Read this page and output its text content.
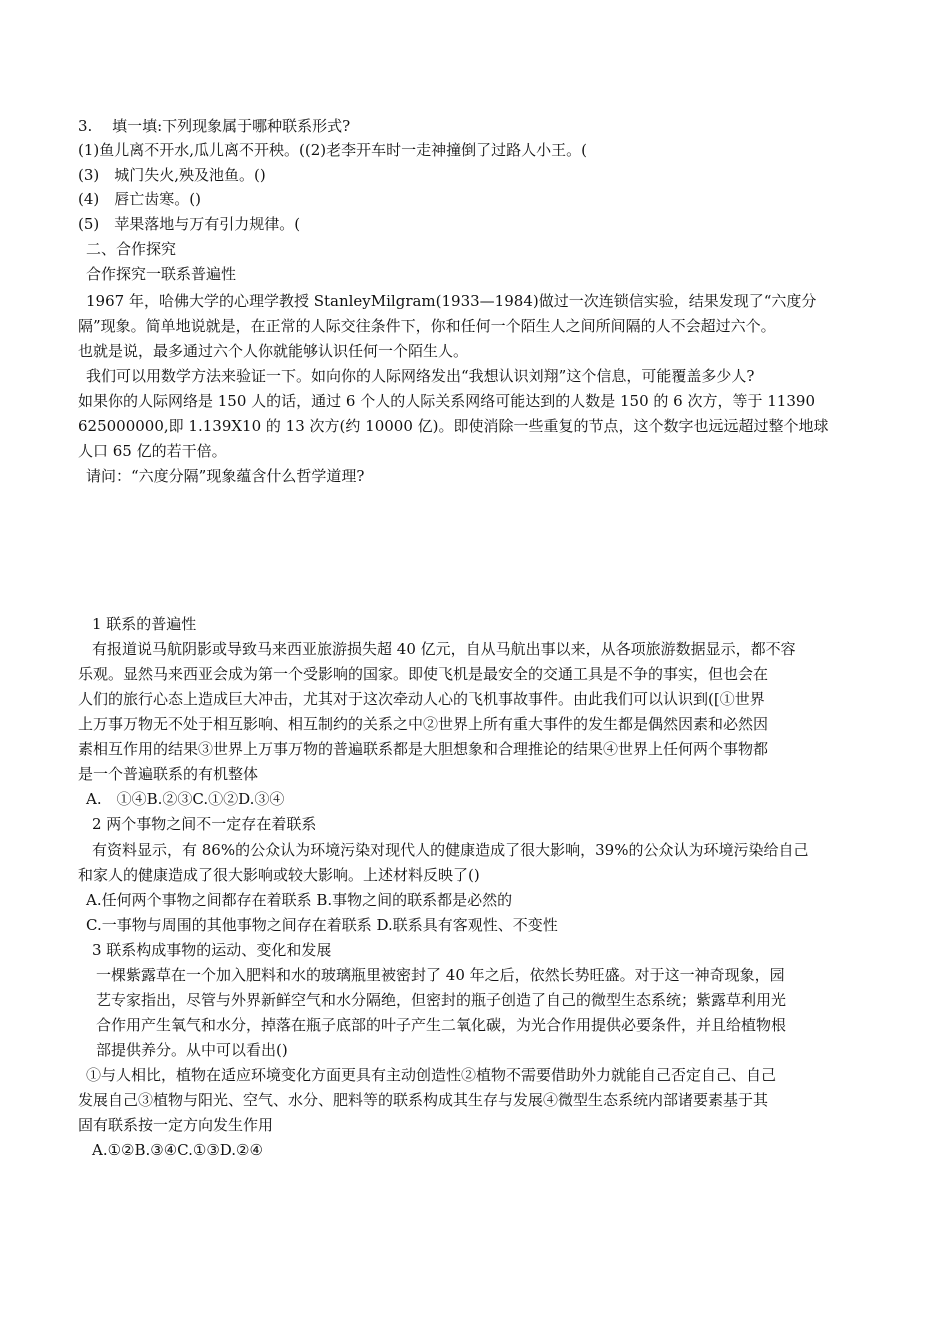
3.　 填一填:下列现象属于哪种联系形式?
(1)鱼儿离不开水,瓜儿离不开秧。((2)老李开车时一走神撞倒了过路人小王。(
(3)　城门失火,殃及池鱼。()
(4)　唇亡齿寒。()
(5)　苹果落地与万有引力规律。(
二、合作探究
合作探究一联系普遍性
1967 年，哈佛大学的心理学教授 StanleyMilgram(1933—1984)做过一次连锁信实验，结果发现了“六度分
隔”现象。简单地说就是，在正常的人际交往条件下，你和任何一个陌生人之间所间隔的人不会超过六个。
也就是说，最多通过六个人你就能够认识任何一个陌生人。
我们可以用数学方法来验证一下。如向你的人际网络发出“我想认识刘翔”这个信息，可能覆盖多少人?
如果你的人际网络是 150 人的话，通过 6 个人的人际关系网络可能达到的人数是 150 的 6 次方，等于 11390
625000000,即 1.139X10 的 13 次方(约 10000 亿)。即使消除一些重复的节点，这个数字也远远超过整个地球
人口 65 亿的若干倍。
请问：“六度分隔”现象蕴含什么哲学道理?
1 联系的普遍性
有报道说马航阴影或导致马来西亚旅游损失超 40 亿元，自从马航出事以来，从各项旅游数据显示，都不容
乐观。显然马来西亚会成为第一个受影响的国家。即使飞机是最安全的交通工具是不争的事实，但也会在
人们的旅行心态上造成巨大冲击，尤其对于这次牵动人心的飞机事故事件。由此我们可以认识到([①世界
上万事万物无不处于相互影响、相互制约的关系之中②世界上所有重大事件的发生都是偶然因素和必然因
素相互作用的结果③世界上万事万物的普遍联系都是大胆想象和合理推论的结果④世界上任何两个事物都
是一个普遍联系的有机整体
A.　①④B.②③C.①②D.③④
2 两个事物之间不一定存在着联系
有资料显示，有 86%的公众认为环境污染对现代人的健康造成了很大影响，39%的公众认为环境污染给自己
和家人的健康造成了很大影响或较大影响。上述材料反映了()
A.任何两个事物之间都存在着联系 B.事物之间的联系都是必然的
C.一事物与周围的其他事物之间存在着联系 D.联系具有客观性、不变性
3 联系构成事物的运动、变化和发展
一棵紫露草在一个加入肥料和水的玻璃瓶里被密封了 40 年之后，依然长势旺盛。对于这一神奇现象，园
艺专家指出，尽管与外界新鲜空气和水分隔绝，但密封的瓶子创造了自己的微型生态系统；紫露草利用光
合作用产生氧气和水分，掉落在瓶子底部的叶子产生二氧化碳，为光合作用提供必要条件，并且给植物根
部提供养分。从中可以看出()
①与人相比，植物在适应环境变化方面更具有主动创造性②植物不需要借助外力就能自己否定自己、自己
发展自己③植物与阳光、空气、水分、肥料等的联系构成其生存与发展④微型生态系统内部诸要素基于其
固有联系按一定方向发生作用
A.①②B.③④C.①③D.②④
